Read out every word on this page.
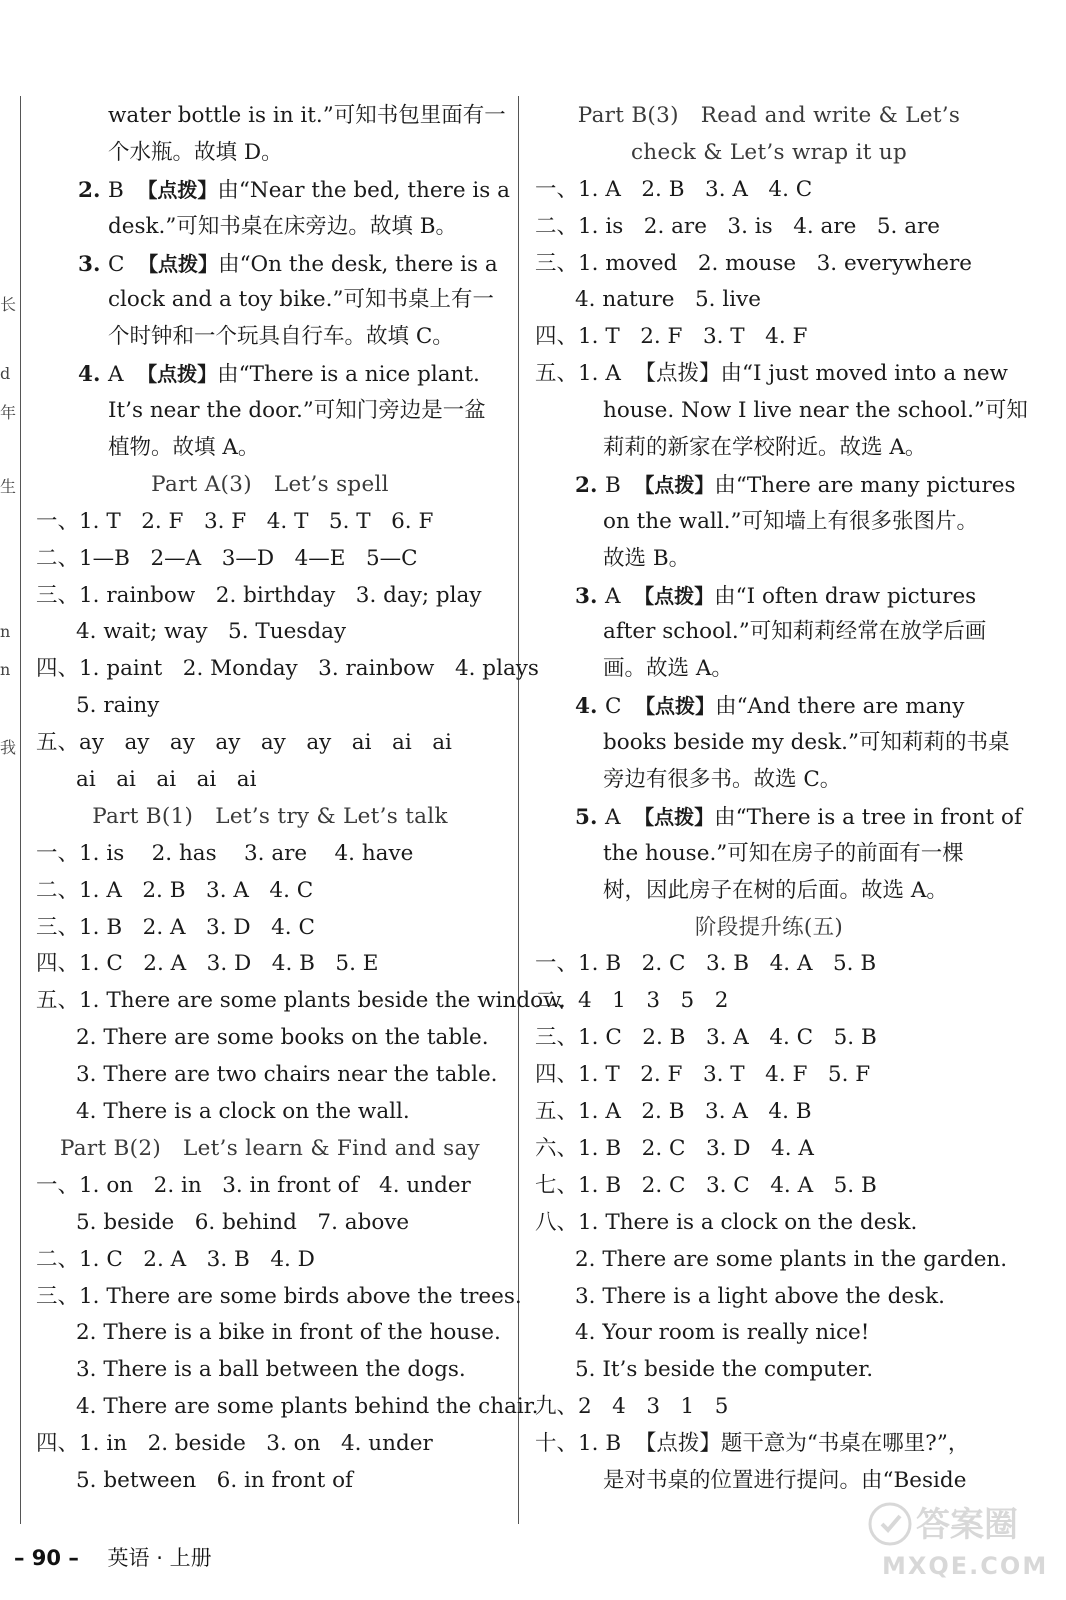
长
d
年
生
n
n
我
water bottle is in it.”可知书包里面有一
个水瓶。故填 D。
2. B  【点拨】由“Near the bed, there is a
desk.”可知书桌在床旁边。故填 B。
3. C  【点拨】由“On the desk, there is a
clock and a toy bike.”可知书桌上有一
个时钟和一个玩具自行车。故填 C。
4. A  【点拨】由“There is a nice plant.
It’s near the door.”可知门旁边是一盆
植物。故填 A。
Part A(3) Let’s spell
一、1. T   2. F   3. F   4. T   5. T   6. F
二、1—B   2—A   3—D   4—E   5—C
三、1. rainbow   2. birthday   3. day; play
4. wait; way   5. Tuesday
四、1. paint   2. Monday   3. rainbow   4. plays
5. rainy
五、ay   ay   ay   ay   ay   ay   ai   ai   ai
ai   ai   ai   ai   ai
Part B(1) Let’s try & Let’s talk
一、1. is    2. has    3. are    4. have
二、1. A   2. B   3. A   4. C
三、1. B   2. A   3. D   4. C
四、1. C   2. A   3. D   4. B   5. E
五、1. There are some plants beside the window.
2. There are some books on the table.
3. There are two chairs near the table.
4. There is a clock on the wall.
Part B(2) Let’s learn & Find and say
一、1. on   2. in   3. in front of   4. under
5. beside   6. behind   7. above
二、1. C   2. A   3. B   4. D
三、1. There are some birds above the trees.
2. There is a bike in front of the house.
3. There is a ball between the dogs.
4. There are some plants behind the chair.
四、1. in   2. beside   3. on   4. under
5. between   6. in front of
Part B(3) Read and write & Let’s
check & Let’s wrap it up
一、1. A   2. B   3. A   4. C
二、1. is   2. are   3. is   4. are   5. are
三、1. moved   2. mouse   3. everywhere
4. nature   5. live
四、1. T   2. F   3. T   4. F
五、1. A  【点拨】由“I just moved into a new
house. Now I live near the school.”可知
莉莉的新家在学校附近。故选 A。
2. B  【点拨】由“There are many pictures
on the wall.”可知墙上有很多张图片。
故选 B。
3. A  【点拨】由“I often draw pictures
after school.”可知莉莉经常在放学后画
画。故选 A。
4. C  【点拨】由“And there are many
books beside my desk.”可知莉莉的书桌
旁边有很多书。故选 C。
5. A  【点拨】由“There is a tree in front of
the house.”可知在房子的前面有一棵
树，因此房子在树的后面。故选 A。
阶段提升练(五)
一、1. B   2. C   3. B   4. A   5. B
二、4   1   3   5   2
三、1. C   2. B   3. A   4. C   5. B
四、1. T   2. F   3. T   4. F   5. F
五、1. A   2. B   3. A   4. B
六、1. B   2. C   3. D   4. A
七、1. B   2. C   3. C   4. A   5. B
八、1. There is a clock on the desk.
2. There are some plants in the garden.
3. There is a light above the desk.
4. Your room is really nice!
5. It’s beside the computer.
九、2   4   3   1   5
十、1. B  【点拨】题干意为“书桌在哪里?”，
是对书桌的位置进行提问。由“Beside
– 90 – 英语 · 上册
答案圈
MXQE.COM
